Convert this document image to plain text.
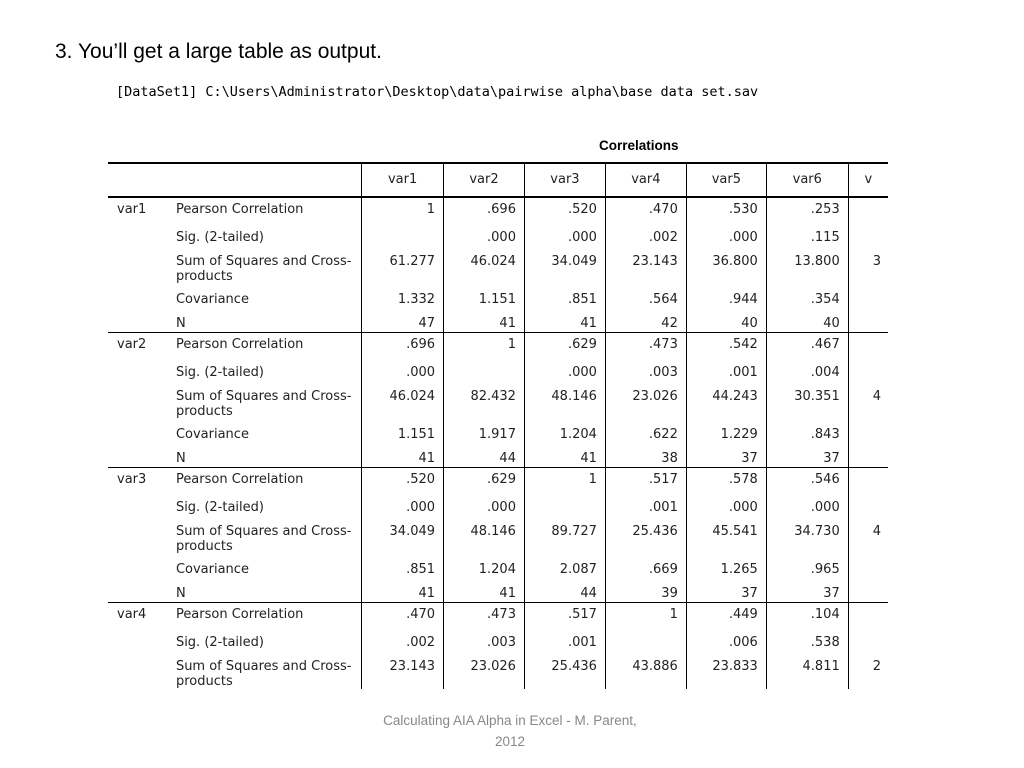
3. You’ll get a large table as output.
[DataSet1] C:\Users\Administrator\Desktop\data\pairwise alpha\base data set.sav
Correlations
		var1	var2	var3	var4	var5	var6	v
var1	Pearson Correlation	1	.696	.520	.470	.530	.253	
	Sig. (2-tailed)		.000	.000	.002	.000	.115	
	Sum of Squares and Cross-products	61.277	46.024	34.049	23.143	36.800	13.800	3
	Covariance	1.332	1.151	.851	.564	.944	.354	
	N	47	41	41	42	40	40	
var2	Pearson Correlation	.696	1	.629	.473	.542	.467	
	Sig. (2-tailed)	.000		.000	.003	.001	.004	
	Sum of Squares and Cross-products	46.024	82.432	48.146	23.026	44.243	30.351	4
	Covariance	1.151	1.917	1.204	.622	1.229	.843	
	N	41	44	41	38	37	37	
var3	Pearson Correlation	.520	.629	1	.517	.578	.546	
	Sig. (2-tailed)	.000	.000		.001	.000	.000	
	Sum of Squares and Cross-products	34.049	48.146	89.727	25.436	45.541	34.730	4
	Covariance	.851	1.204	2.087	.669	1.265	.965	
	N	41	41	44	39	37	37	
var4	Pearson Correlation	.470	.473	.517	1	.449	.104	
	Sig. (2-tailed)	.002	.003	.001		.006	.538	
	Sum of Squares and Cross-products	23.143	23.026	25.436	43.886	23.833	4.811	2
Calculating AIA Alpha in Excel - M. Parent,
2012
